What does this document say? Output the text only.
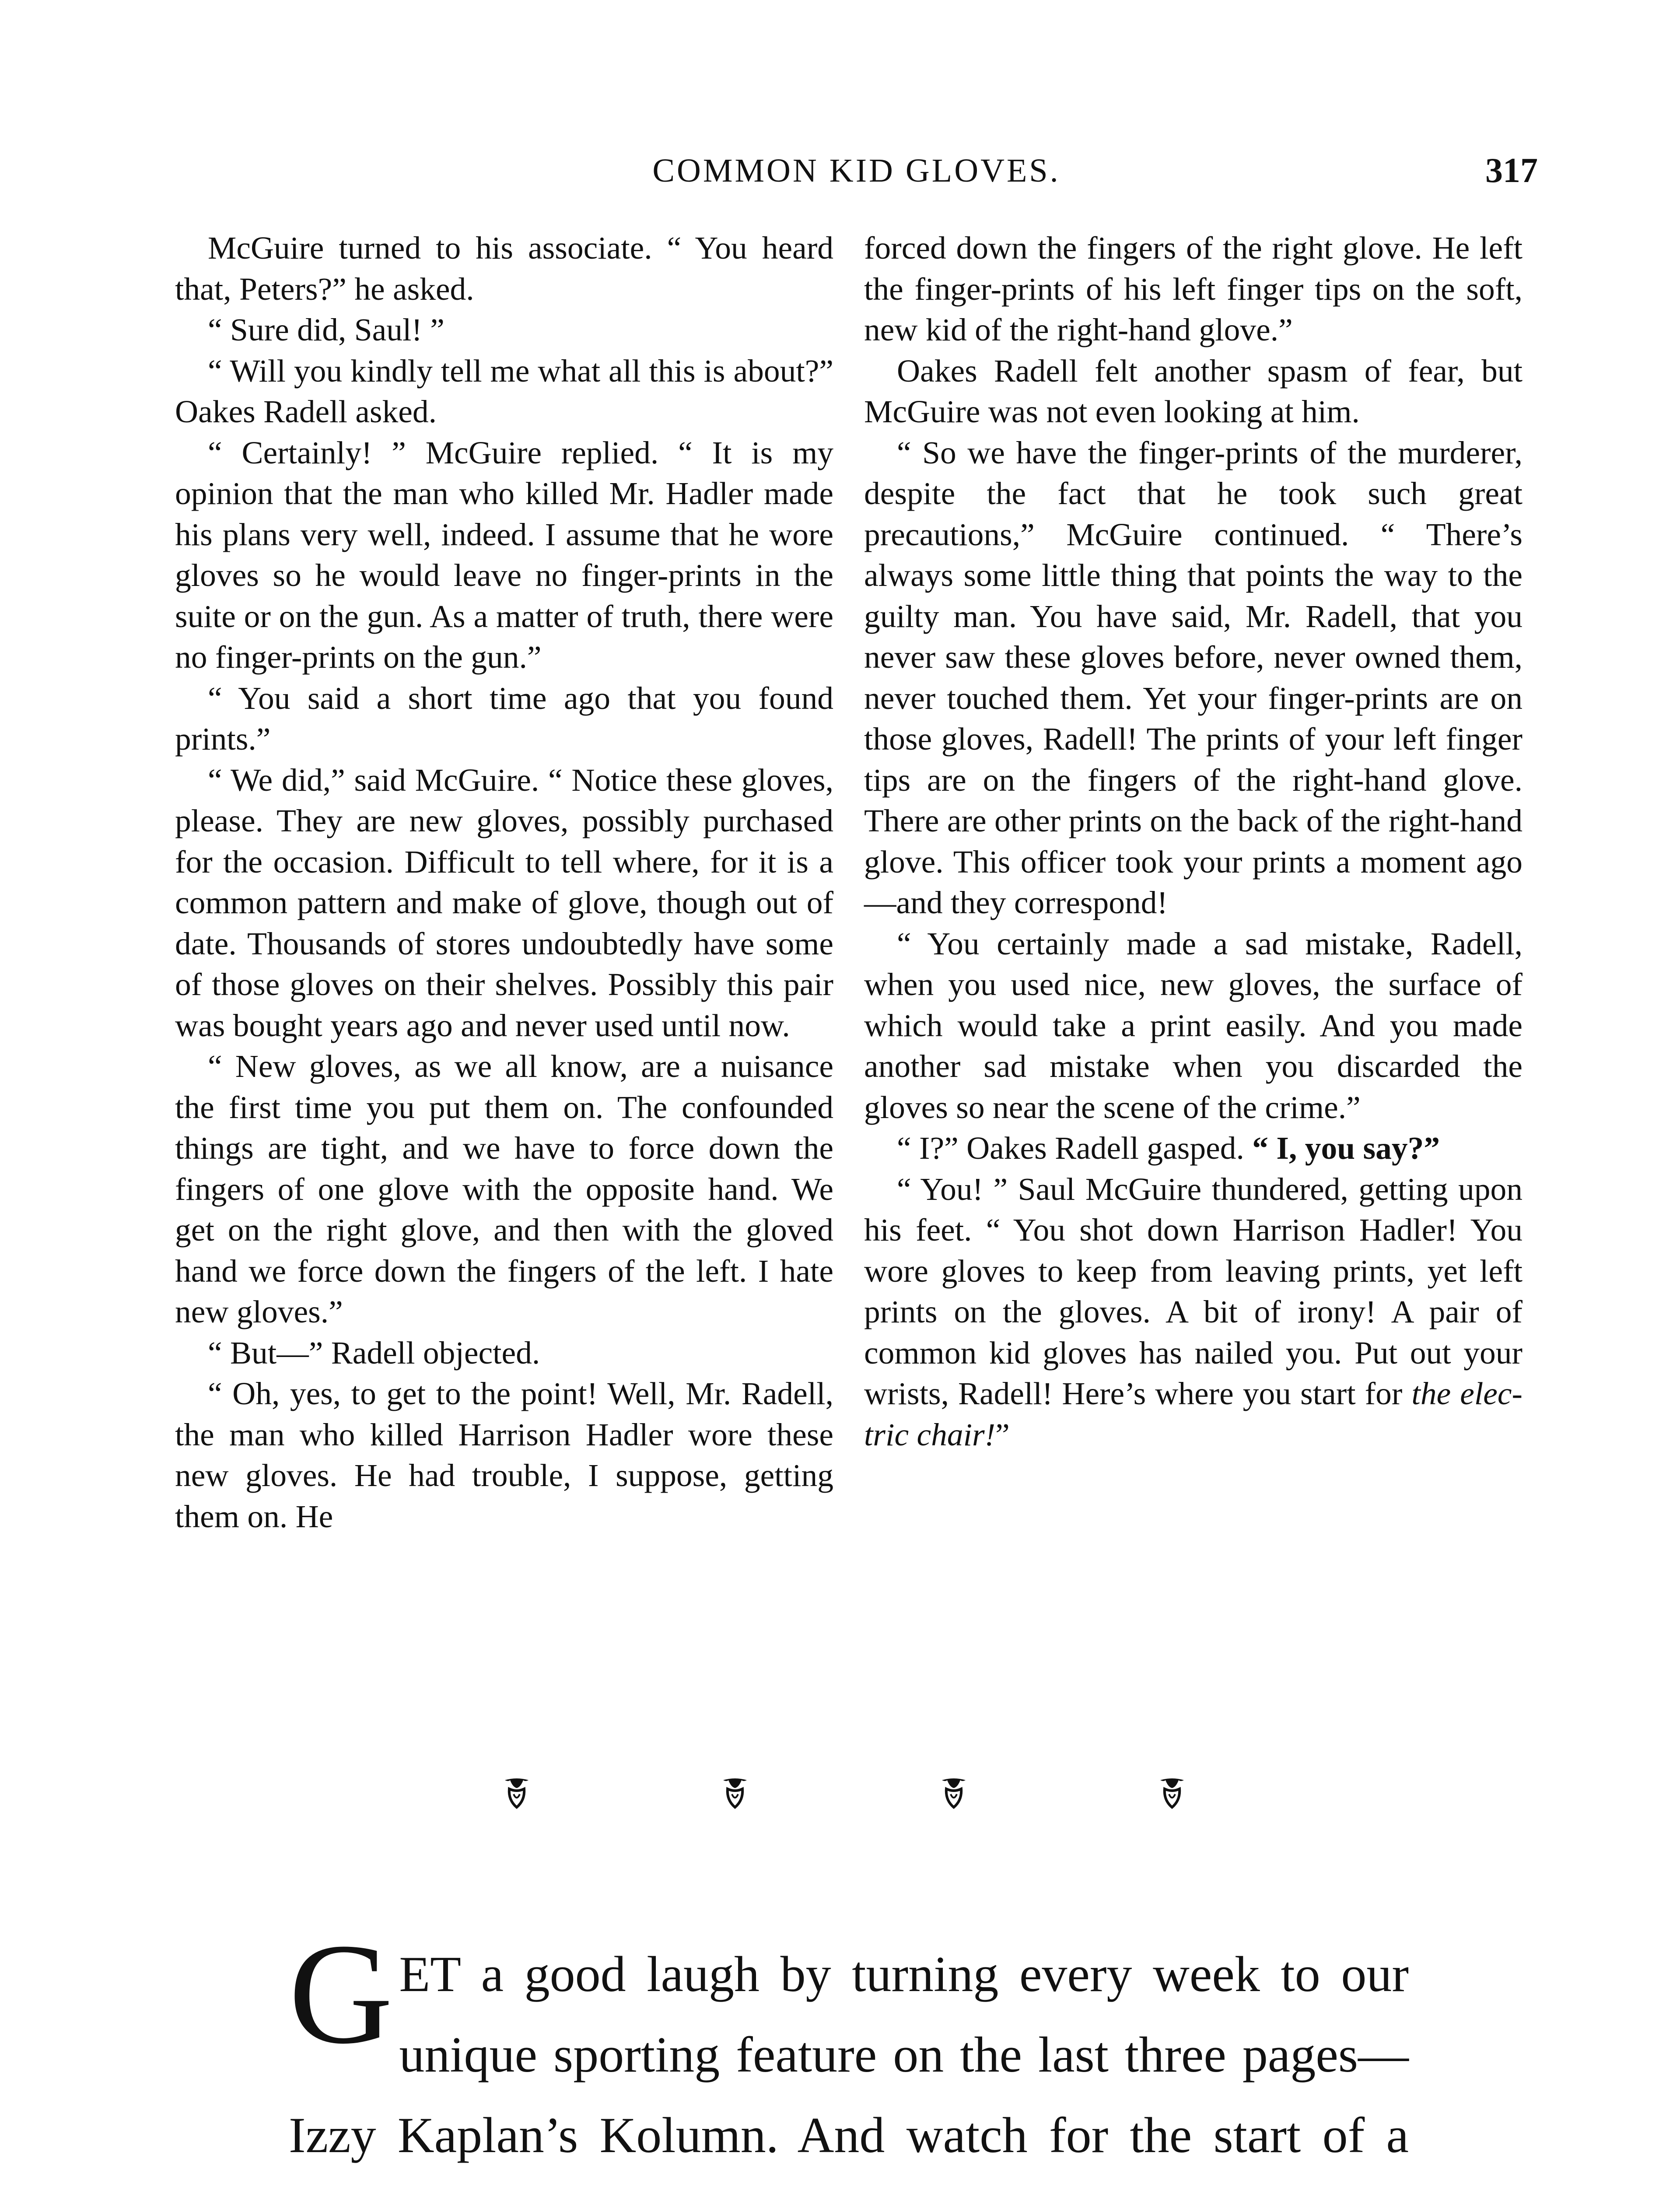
COMMON KID GLOVES.	317

McGuire turned to his associate. “ You heard that, Peters?” he asked.

“ Sure did, Saul! ”

“ Will you kindly tell me what all this is about?” Oakes Radell asked.

“ Certainly! ” McGuire replied. “ It is my opinion that the man who killed Mr. Hadler made his plans very well, indeed. I assume that he wore gloves so he would leave no finger-prints in the suite or on the gun. As a matter of truth, there were no finger-prints on the gun.”

“ You said a short time ago that you found prints.”

“ We did,” said McGuire. “ Notice these gloves, please. They are new gloves, possibly purchased for the occasion. Difficult to tell where, for it is a common pattern and make of glove, though out of date. Thousands of stores undoubtedly have some of those gloves on their shelves. Possibly this pair was bought years ago and never used until now.

“ New gloves, as we all know, are a nuisance the first time you put them on. The confounded things are tight, and we have to force down the fingers of one glove with the opposite hand. We get on the right glove, and then with the gloved hand we force down the fingers of the left. I hate new gloves.”

“ But—” Radell objected.

“ Oh, yes, to get to the point! Well, Mr. Radell, the man who killed Harrison Hadler wore these new gloves. He had trouble, I suppose, getting them on. He

forced down the fingers of the right glove. He left the finger-prints of his left finger tips on the soft, new kid of the right-hand glove.”

Oakes Radell felt another spasm of fear, but McGuire was not even looking at him.

“ So we have the finger-prints of the murderer, despite the fact that he took such great precautions,” McGuire continued. “ There’s always some little thing that points the way to the guilty man. You have said, Mr. Radell, that you never saw these gloves before, never owned them, never touched them. Yet your finger-prints are on those gloves, Radell! The prints of your left finger tips are on the fingers of the right-hand glove. There are other prints on the back of the right-hand glove. This officer took your prints a moment ago—and they correspond!

“ You certainly made a sad mistake, Radell, when you used nice, new gloves, the surface of which would take a print easily. And you made another sad mistake when you discarded the gloves so near the scene of the crime.”

“ I?” Oakes Radell gasped. “ I, you say?”

“ You! ” Saul McGuire thundered, getting upon his feet. “ You shot down Harrison Hadler! You wore gloves to keep from leaving prints, yet left prints on the gloves. A bit of irony! A pair of common kid gloves has nailed you. Put out your wrists, Radell! Here’s where you start for the electric chair!”

GET a good laugh by turning every week to our unique sporting feature on the last three pages—Izzy Kaplan’s Kolumn. And watch for the start of a
